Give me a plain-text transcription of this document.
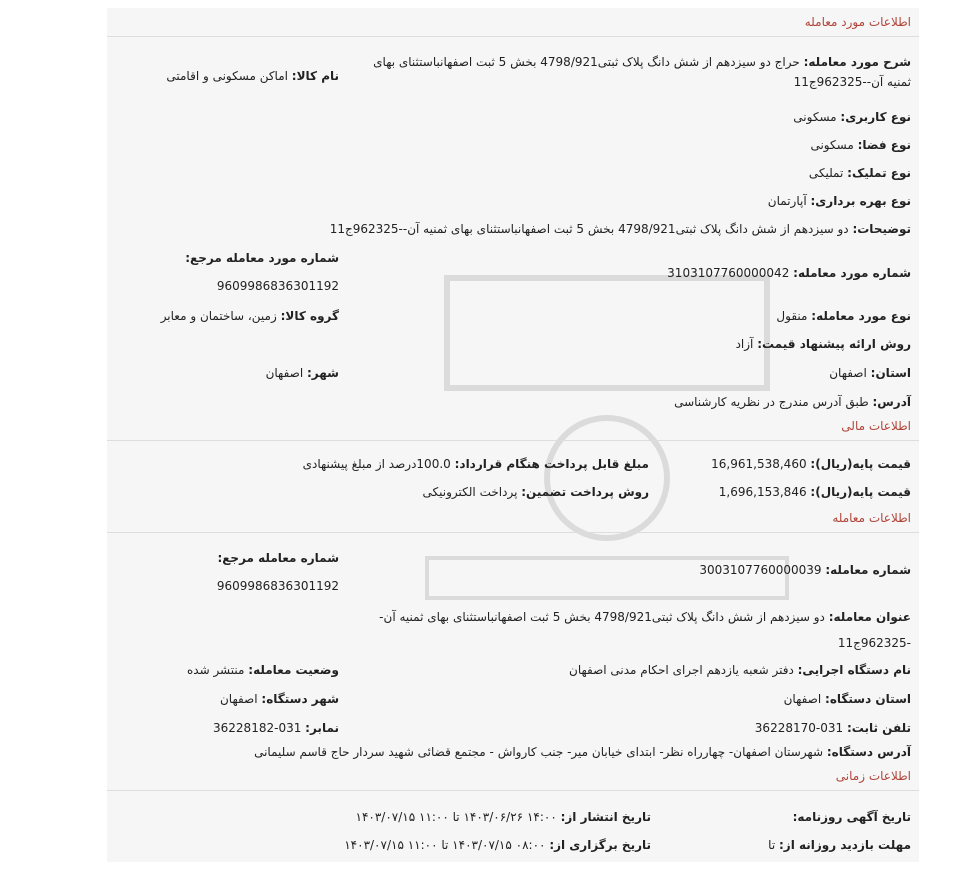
اطلاعات مورد معامله
شرح مورد معامله: حراج دو سیزدهم از شش دانگ پلاک ثبتی4798/921 بخش 5 ثبت اصفهانباستثنای بهای ثمنیه آن--962325ج11
نام کالا: اماکن مسکونی و اقامتی
نوع کاربری: مسکونی
نوع فضا: مسکونی
نوع تملیک: تملیکی
نوع بهره برداری: آپارتمان
توضیحات: دو سیزدهم از شش دانگ پلاک ثبتی4798/921 بخش 5 ثبت اصفهانباستثنای بهای ثمنیه آن--962325ج11
شماره مورد معامله: 3103107760000042
شماره مورد معامله مرجع:
9609986836301192
نوع مورد معامله: منقول
گروه کالا: زمین، ساختمان و معابر
روش ارائه پیشنهاد قیمت: آزاد
استان: اصفهان
شهر: اصفهان
آدرس: طبق آدرس مندرج در نظریه کارشناسی
اطلاعات مالی
قیمت پایه(ریال): 16,961,538,460
مبلغ قابل پرداخت هنگام قرارداد: 100.0درصد از مبلغ پیشنهادی
قیمت پایه(ریال): 1,696,153,846
روش پرداخت تضمین: پرداخت الکترونیکی
اطلاعات معامله
شماره معامله: 3003107760000039
شماره معامله مرجع:
9609986836301192
عنوان معامله: دو سیزدهم از شش دانگ پلاک ثبتی4798/921 بخش 5 ثبت اصفهانباستثنای بهای ثمنیه آن--962325ج11
نام دستگاه اجرایی: دفتر شعبه یازدهم اجرای احکام مدنی اصفهان
وضعیت معامله: منتشر شده
استان دستگاه: اصفهان
شهر دستگاه: اصفهان
تلفن ثابت: 031-36228170
نمابر: 031-36228182
آدرس دستگاه: شهرستان اصفهان- چهارراه نظر- ابتدای خیابان میر- جنب کارواش - مجتمع قضائی شهید سردار حاج قاسم سلیمانی
اطلاعات زمانی
تاریخ آگهی روزنامه:
تاریخ انتشار از: ۱۴:۰۰ ۱۴۰۳/۰۶/۲۶ تا ۱۱:۰۰ ۱۴۰۳/۰۷/۱۵
مهلت بازدید روزانه از: تا
تاریخ برگزاری از: ۰۸:۰۰ ۱۴۰۳/۰۷/۱۵ تا ۱۱:۰۰ ۱۴۰۳/۰۷/۱۵
